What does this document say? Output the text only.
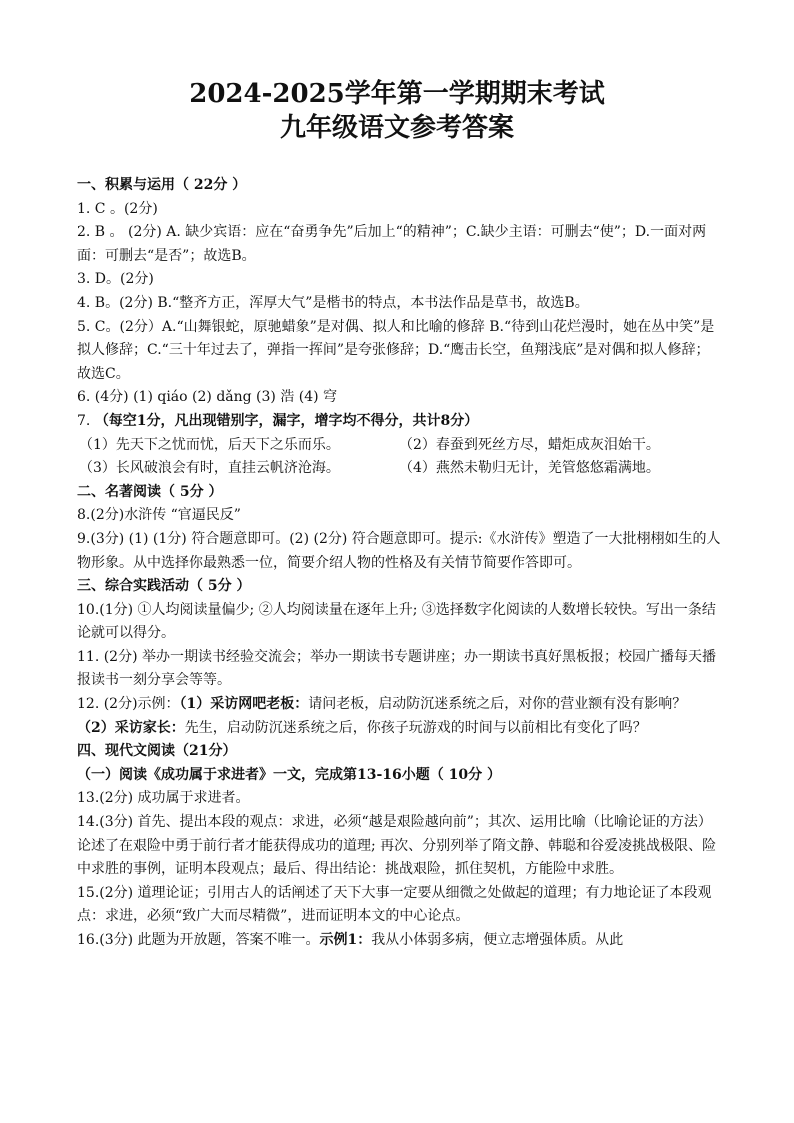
2024-2025学年第一学期期末考试
九年级语文参考答案

一、积累与运用（ 22分 ）

1. C 。(2分)

2. B 。 (2分) A. 缺少宾语：应在“奋勇争先”后加上“的精神”；C.缺少主语：可删去“使”；D.一面对两面：可删去“是否”；故选B。

3. D。(2分)

4. B。(2分) B.“整齐方正，浑厚大气”是楷书的特点，本书法作品是草书，故选B。

5. C。(2分）A.“山舞银蛇，原驰蜡象”是对偶、拟人和比喻的修辞 B.“待到山花烂漫时，她在丛中笑”是拟人修辞；C.“三十年过去了，弹指一挥间”是夸张修辞；D.“鹰击长空，鱼翔浅底”是对偶和拟人修辞； 故选C。

6. (4分) (1) qiáo (2) dǎng (3) 浩 (4) 穹

7. （每空1分，凡出现错别字，漏字，增字均不得分，共计8分）

（1）先天下之忧而忧，后天下之乐而乐。	（2）春蚕到死丝方尽，蜡炬成灰泪始干。

（3）长风破浪会有时，直挂云帆济沧海。	（4）燕然未勒归无计，羌管悠悠霜满地。

二、名著阅读（ 5分 ）

8.(2分)水浒传 “官逼民反”

9.(3分) (1) (1分) 符合题意即可。(2) (2分) 符合题意即可。提示:《水浒传》塑造了一大批栩栩如生的人物形象。从中选择你最熟悉一位，简要介绍人物的性格及有关情节简要作答即可。

三、综合实践活动（ 5分 ）

10.(1分) ①人均阅读量偏少; ②人均阅读量在逐年上升; ③选择数字化阅读的人数增长较快。写出一条结论就可以得分。

11. (2分) 举办一期读书经验交流会；举办一期读书专题讲座；办一期读书真好黑板报；校园广播每天播报读书一刻分享会等等。

12. (2分)示例：（1）采访网吧老板：请问老板，启动防沉迷系统之后，对你的营业额有没有影响？ （2）采访家长：先生，启动防沉迷系统之后，你孩子玩游戏的时间与以前相比有变化了吗？

四、现代文阅读（21分）

（一）阅读《成功属于求进者》一文，完成第13-16小题（ 10分 ）

13.(2分) 成功属于求进者。

14.(3分) 首先、提出本段的观点：求进，必须“越是艰险越向前”；其次、运用比喻（比喻论证的方法）论述了在艰险中勇于前行者才能获得成功的道理; 再次、分别列举了隋文静、韩聪和谷爱凌挑战极限、险中求胜的事例，证明本段观点；最后、得出结论：挑战艰险，抓住契机，方能险中求胜。

15.(2分) 道理论证；引用古人的话阐述了天下大事一定要从细微之处做起的道理；有力地论证了本段观点：求进，必须“致广大而尽精微”，进而证明本文的中心论点。

16.(3分) 此题为开放题，答案不唯一。示例1：我从小体弱多病，便立志增强体质。从此
